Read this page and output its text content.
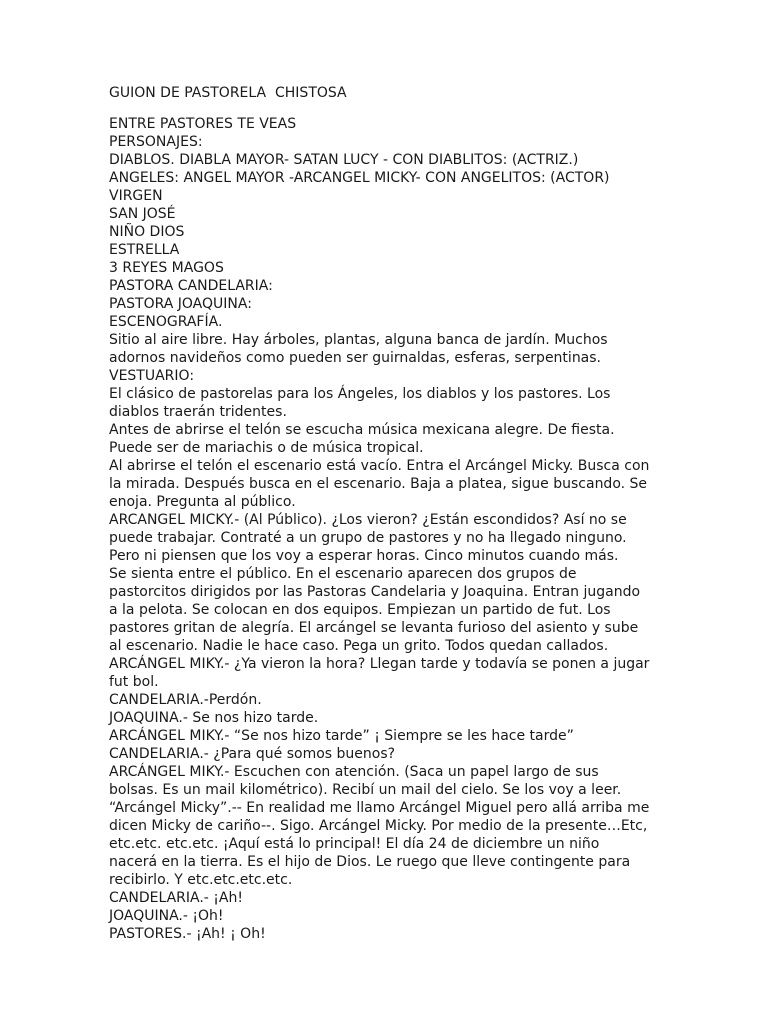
GUION DE PASTORELA  CHISTOSA
ENTRE PASTORES TE VEAS
PERSONAJES:
DIABLOS. DIABLA MAYOR- SATAN LUCY - CON DIABLITOS: (ACTRIZ.)
ANGELES: ANGEL MAYOR -ARCANGEL MICKY- CON ANGELITOS: (ACTOR)
VIRGEN
SAN JOSÉ
NIÑO DIOS
ESTRELLA
3 REYES MAGOS
PASTORA CANDELARIA:
PASTORA JOAQUINA:
ESCENOGRAFÍA.
Sitio al aire libre. Hay árboles, plantas, alguna banca de jardín. Muchos
adornos navideños como pueden ser guirnaldas, esferas, serpentinas.
VESTUARIO:
El clásico de pastorelas para los Ángeles, los diablos y los pastores. Los
diablos traerán tridentes.
Antes de abrirse el telón se escucha música mexicana alegre. De fiesta.
Puede ser de mariachis o de música tropical.
Al abrirse el telón el escenario está vacío. Entra el Arcángel Micky. Busca con
la mirada. Después busca en el escenario. Baja a platea, sigue buscando. Se
enoja. Pregunta al público.
ARCANGEL MICKY.- (Al Público). ¿Los vieron? ¿Están escondidos? Así no se
puede trabajar. Contraté a un grupo de pastores y no ha llegado ninguno.
Pero ni piensen que los voy a esperar horas. Cinco minutos cuando más.
Se sienta entre el público. En el escenario aparecen dos grupos de
pastorcitos dirigidos por las Pastoras Candelaria y Joaquina. Entran jugando
a la pelota. Se colocan en dos equipos. Empiezan un partido de fut. Los
pastores gritan de alegría. El arcángel se levanta furioso del asiento y sube
al escenario. Nadie le hace caso. Pega un grito. Todos quedan callados.
ARCÁNGEL MIKY.- ¿Ya vieron la hora? Llegan tarde y todavía se ponen a jugar
fut bol.
CANDELARIA.-Perdón.
JOAQUINA.- Se nos hizo tarde.
ARCÁNGEL MIKY.- “Se nos hizo tarde” ¡ Siempre se les hace tarde”
CANDELARIA.- ¿Para qué somos buenos?
ARCÁNGEL MIKY.- Escuchen con atención. (Saca un papel largo de sus
bolsas. Es un mail kilométrico). Recibí un mail del cielo. Se los voy a leer.
“Arcángel Micky”.-- En realidad me llamo Arcángel Miguel pero allá arriba me
dicen Micky de cariño--. Sigo. Arcángel Micky. Por medio de la presente…Etc,
etc.etc. etc.etc. ¡Aquí está lo principal! El día 24 de diciembre un niño
nacerá en la tierra. Es el hijo de Dios. Le ruego que lleve contingente para
recibirlo. Y etc.etc.etc.etc.
CANDELARIA.- ¡Ah!
JOAQUINA.- ¡Oh!
PASTORES.- ¡Ah! ¡ Oh!
